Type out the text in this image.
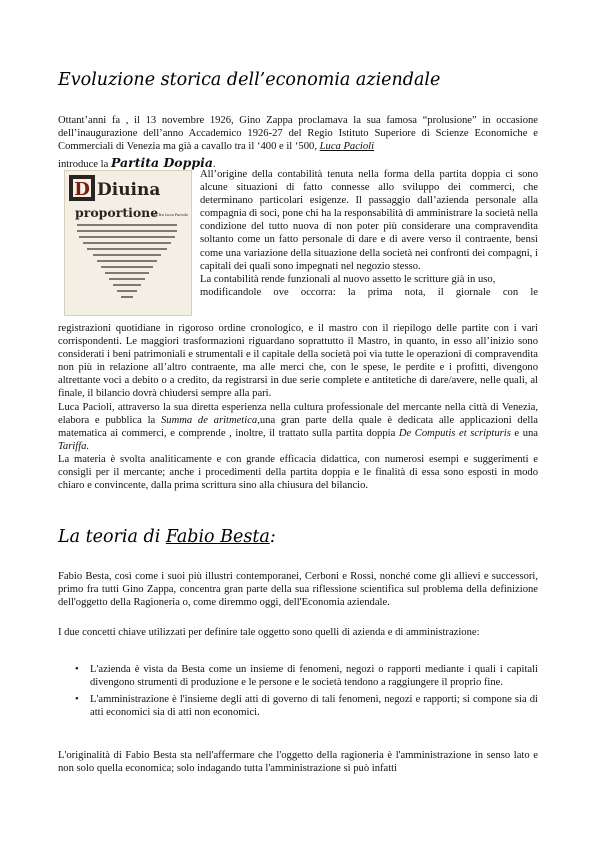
Evoluzione storica dell’economia aziendale
Ottant’anni fa , il 13 novembre 1926, Gino Zappa proclamava la sua famosa “prolusione” in occasione dell’inaugurazione dell’anno Accademico 1926-27 del Regio Istituto Superiore di Scienze Economiche e Commerciali di Venezia ma già a cavallo tra il ‘400 e il ‘500, Luca Pacioli
introduce la Partita Doppia.
D Diuina
proportione
de fra Luca Paciolo
All’origine della contabilità tenuta nella forma della partita doppia ci sono alcune situazioni di fatto connesse allo sviluppo dei commerci, che determinano particolari esigenze. Il passaggio dall’azienda personale alla compagnia di soci, pone chi ha la responsabilità di amministrare la società nella condizione del tutto nuova di non poter più considerare una compravendita soltanto come un fatto personale di dare e di avere verso il contraente, bensì come una variazione della situazione della società nei confronti dei compagni, i capitali dei quali sono impegnati nel negozio stesso.
La contabilità rende funzionali al nuovo assetto le scritture già in uso,
modificandole ove occorra: la prima nota, il giornale con le

registrazioni quotidiane in rigoroso ordine cronologico, e il mastro con il riepilogo delle partite con i vari corrispondenti. Le maggiori trasformazioni riguardano soprattutto il Mastro, in quanto, in esso all’inizio sono considerati i beni patrimoniali e strumentali e il capitale della società poi via tutte le operazioni di compravendita non più in relazione all’altro contraente, ma alle merci che, con le spese, le perdite e i profitti, divengono altrettante voci a debito o a credito, da registrarsi in due serie complete e antitetiche di dare/avere, nelle quali, al finale, il bilancio dovrà chiudersi sempre alla pari.

Luca Pacioli, attraverso la sua diretta esperienza nella cultura professionale del mercante nella città di Venezia, elabora e pubblica la Summa de aritmetica,una gran parte della quale è dedicata alle applicazioni della matematica ai commerci, e comprende , inoltre, il trattato sulla partita doppia De Computis et scripturis e una Tariffa.

La materia è svolta analiticamente e con grande efficacia didattica, con numerosi esempi e suggerimenti e consigli per il mercante; anche i procedimenti della partita doppia e le finalità di essa sono esposti in modo chiaro e convincente, dalla prima scrittura sino alla chiusura del bilancio.

La teoria di Fabio Besta:
Fabio Besta, così come i suoi più illustri contemporanei, Cerboni e Rossi, nonché come gli allievi e successori, primo fra tutti Gino Zappa, concentra gran parte della sua riflessione scientifica sul problema della definizione dell'oggetto della Ragioneria o, come diremmo oggi, dell'Economia aziendale.
I due concetti chiave utilizzati per definire tale oggetto sono quelli di azienda e di amministrazione:
• L'azienda è vista da Besta come un insieme di fenomeni, negozi o rapporti mediante i quali i capitali divengono strumenti di produzione e le persone e le società tendono a raggiungere il proprio fine.
• L'amministrazione è l'insieme degli atti di governo di tali fenomeni, negozi e rapporti; si compone sia di atti economici sia di atti non economici.
L'originalità di Fabio Besta sta nell'affermare che l'oggetto della ragioneria è l'amministrazione in senso lato e non solo quella economica; solo indagando tutta l'amministrazione si può infatti
